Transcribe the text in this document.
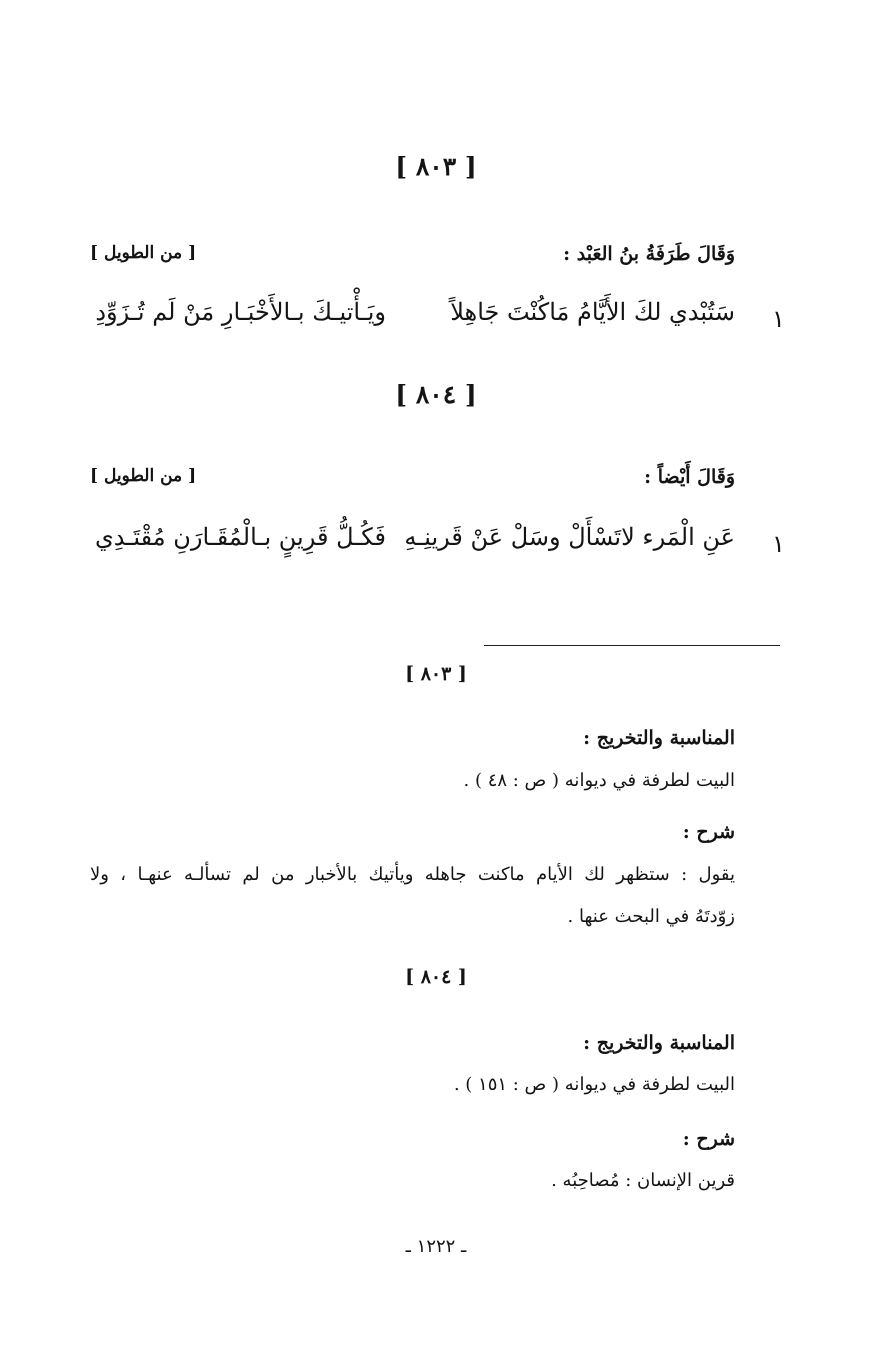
[ ٨٠٣ ]
وَقَالَ طَرَفَةُ بنُ العَبْد :
[ من الطويل ]
١
سَتُبْدي لكَ الأَيَّامُ مَاكُنْتَ جَاهِلاً
ويَـأْتيـكَ بـالأَخْبَـارِ مَنْ لَم تُـزَوِّدِ
[ ٨٠٤ ]
وَقَالَ أَيْضاً :
[ من الطويل ]
١
عَنِ الْمَرء لاتَسْأَلْ وسَلْ عَنْ قَرينِـهِ
فَكُـلُّ قَرِينٍ بـالْمُقَـارَنِ مُقْتَـدِي
[ ٨٠٣ ]
المناسبة والتخريج :
البيت لطرفة في ديوانه ( ص : ٤٨ ) .
شرح :
يقول : ستظهر لك الأيام ماكنت جاهله ويأتيك بالأخبار من لم تسألـه عنهـا ، ولا
زوّدتَهُ في البحث عنها .
[ ٨٠٤ ]
المناسبة والتخريج :
البيت لطرفة في ديوانه ( ص : ١٥١ ) .
شرح :
قرين الإنسان : مُصاحِبُه .
ـ ١٢٢٢ ـ
